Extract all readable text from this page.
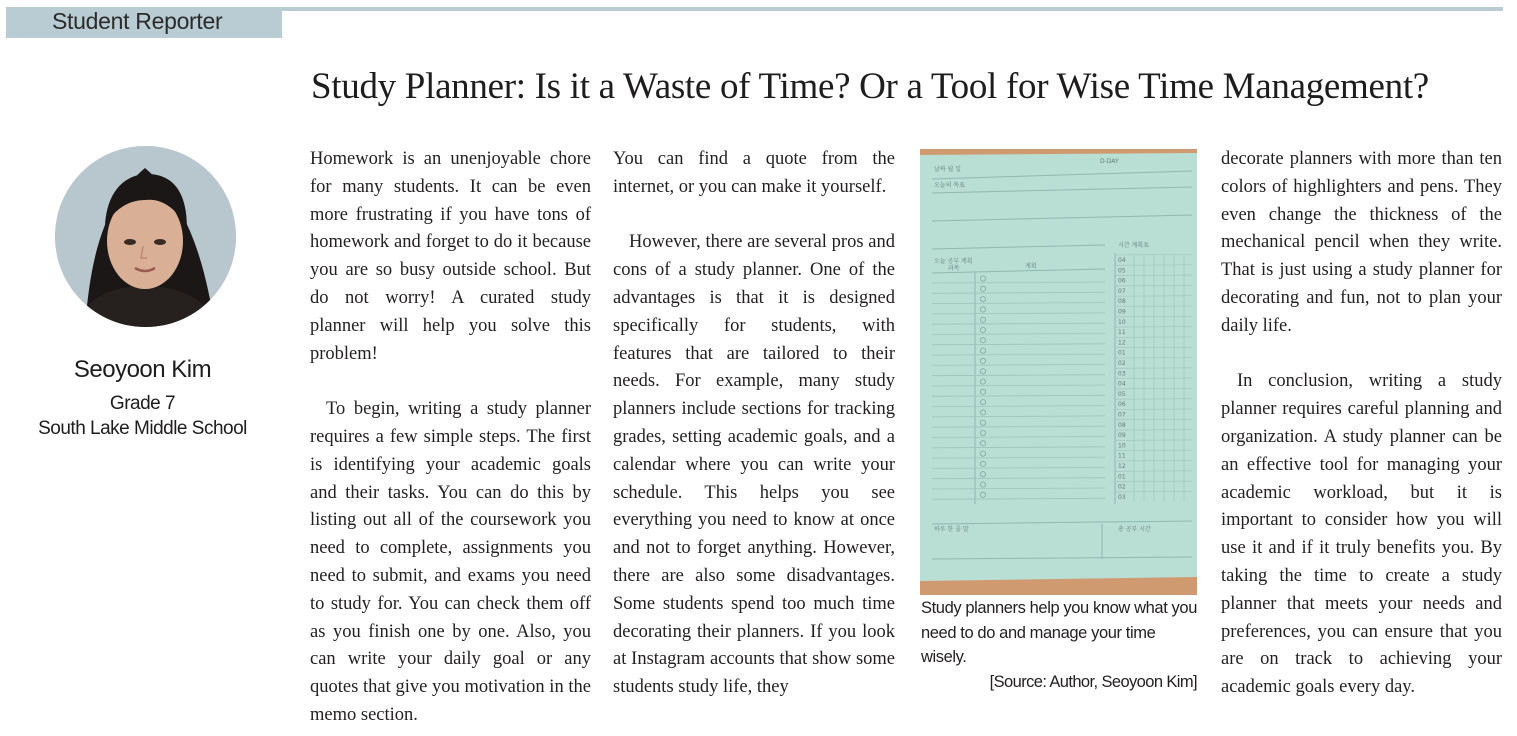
Student Reporter
Study Planner: Is it a Waste of Time? Or a Tool for Wise Time Management?
Seoyoon Kim
Grade 7
South Lake Middle School

Homework is an unenjoyable chore for many students. It can be even more frustrating if you have tons of homework and forget to do it because you are so busy outside school. But do not worry! A curated study planner will help you solve this problem!

To begin, writing a study planner requires a few simple steps. The first is identifying your academic goals and their tasks. You can do this by listing out all of the coursework you need to complete, assignments you need to submit, and exams you need to study for. You can check them off as you finish one by one. Also, you can write your daily goal or any quotes that give you motivation in the memo section.

You can find a quote from the internet, or you can make it yourself.

However, there are several pros and cons of a study planner. One of the advantages is that it is designed specifically for students, with features that are tailored to their needs. For example, many study planners include sections for tracking grades, setting academic goals, and a calendar where you can write your schedule. This helps you see everything you need to know at once and not to forget anything. However, there are also some disadvantages. Some students spend too much time decorating their planners. If you look at Instagram accounts that show some students study life, they

날짜 월 일
D-DAY
오늘의 목표
오늘 공부 계획
과목	계획
시간 계획표
하루 한 줄 말	총 공부 시간
04
05
06
07
08
09
10
11
12
01
02
03
04
05
06
07
08
09
10
11
12
01
02
03
Study planners help you know what you need to do and manage your time wisely.
[Source: Author, Seoyoon Kim]

decorate planners with more than ten colors of highlighters and pens. They even change the thickness of the mechanical pencil when they write. That is just using a study planner for decorating and fun, not to plan your daily life.

In conclusion, writing a study planner requires careful planning and organization. A study planner can be an effective tool for managing your academic workload, but it is important to consider how you will use it and if it truly benefits you. By taking the time to create a study planner that meets your needs and preferences, you can ensure that you are on track to achieving your academic goals every day.
